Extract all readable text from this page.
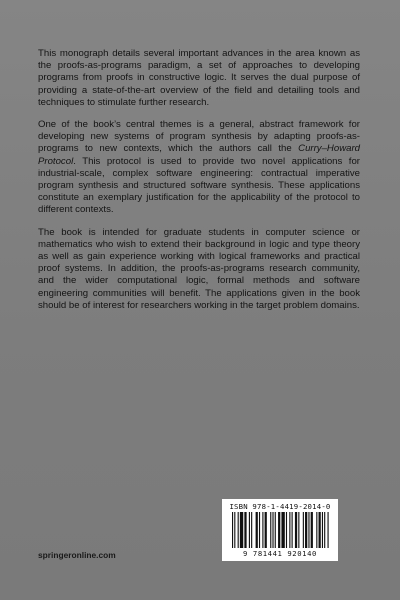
This monograph details several important advances in the area known as the proofs-as-programs paradigm, a set of approaches to developing programs from proofs in constructive logic. It serves the dual purpose of providing a state-of-the-art overview of the field and detailing tools and techniques to stimulate further research.

One of the book’s central themes is a general, abstract framework for developing new systems of program synthesis by adapting proofs-as-programs to new contexts, which the authors call the Curry–Howard Protocol. This protocol is used to provide two novel applications for industrial-scale, complex software engineering: contractual imperative program synthesis and structured software synthesis. These applications constitute an exemplary justification for the applicability of the protocol to different contexts.

The book is intended for graduate students in computer science or mathematics who wish to extend their background in logic and type theory as well as gain experience working with logical frameworks and practical proof systems. In addition, the proofs-as-programs research community, and the wider computational logic, formal methods and software engineering communities will benefit. The applications given in the book should be of interest for researchers working in the target problem domains.

ISBN 978-1-4419-2014-0
9 781441 920140
springeronline.com
